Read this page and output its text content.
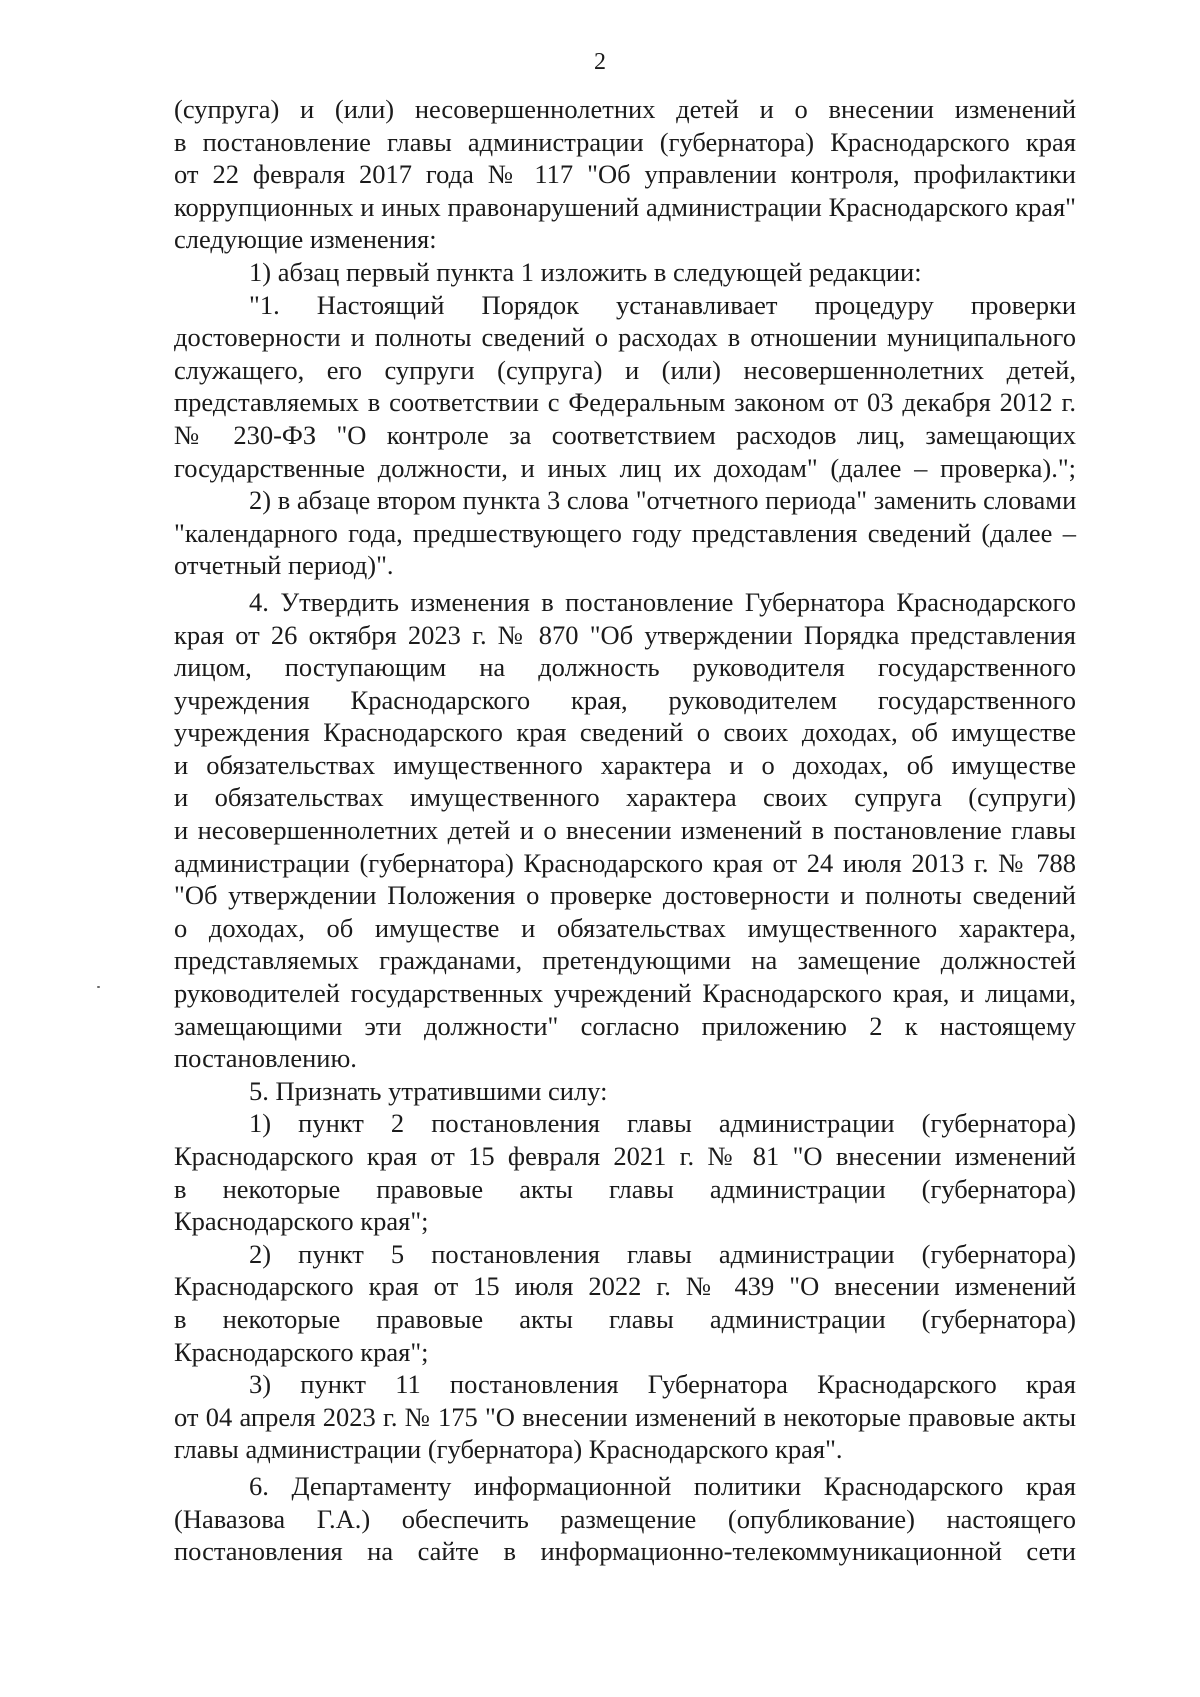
2
(супруга) и (или) несовершеннолетних детей и о внесении изменений
в постановление главы администрации (губернатора) Краснодарского края
от 22 февраля 2017 года № 117 "Об управлении контроля, профилактики
коррупционных и иных правонарушений администрации Краснодарского края"
следующие изменения:
1) абзац первый пункта 1 изложить в следующей редакции:
"1. Настоящий Порядок устанавливает процедуру проверки
достоверности и полноты сведений о расходах в отношении муниципального
служащего, его супруги (супруга) и (или) несовершеннолетних детей,
представляемых в соответствии с Федеральным законом от 03 декабря 2012 г.
№ 230-ФЗ "О контроле за соответствием расходов лиц, замещающих
государственные должности, и иных лиц их доходам" (далее – проверка).";
2) в абзаце втором пункта 3 слова "отчетного периода" заменить словами
"календарного года, предшествующего году представления сведений (далее –
отчетный период)".
4. Утвердить изменения в постановление Губернатора Краснодарского
края от 26 октября 2023 г. № 870 "Об утверждении Порядка представления
лицом, поступающим на должность руководителя государственного
учреждения Краснодарского края, руководителем государственного
учреждения Краснодарского края сведений о своих доходах, об имуществе
и обязательствах имущественного характера и о доходах, об имуществе
и обязательствах имущественного характера своих супруга (супруги)
и несовершеннолетних детей и о внесении изменений в постановление главы
администрации (губернатора) Краснодарского края от 24 июля 2013 г. № 788
"Об утверждении Положения о проверке достоверности и полноты сведений
о доходах, об имуществе и обязательствах имущественного характера,
представляемых гражданами, претендующими на замещение должностей
руководителей государственных учреждений Краснодарского края, и лицами,
замещающими эти должности" согласно приложению 2 к настоящему
постановлению.
5. Признать утратившими силу:
1) пункт 2 постановления главы администрации (губернатора)
Краснодарского края от 15 февраля 2021 г. № 81 "О внесении изменений
в некоторые правовые акты главы администрации (губернатора)
Краснодарского края";
2) пункт 5 постановления главы администрации (губернатора)
Краснодарского края от 15 июля 2022 г. № 439 "О внесении изменений
в некоторые правовые акты главы администрации (губернатора)
Краснодарского края";
3) пункт 11 постановления Губернатора Краснодарского края
от 04 апреля 2023 г. № 175 "О внесении изменений в некоторые правовые акты
главы администрации (губернатора) Краснодарского края".
6. Департаменту информационной политики Краснодарского края
(Навазова Г.А.) обеспечить размещение (опубликование) настоящего
постановления на сайте в информационно-телекоммуникационной сети
